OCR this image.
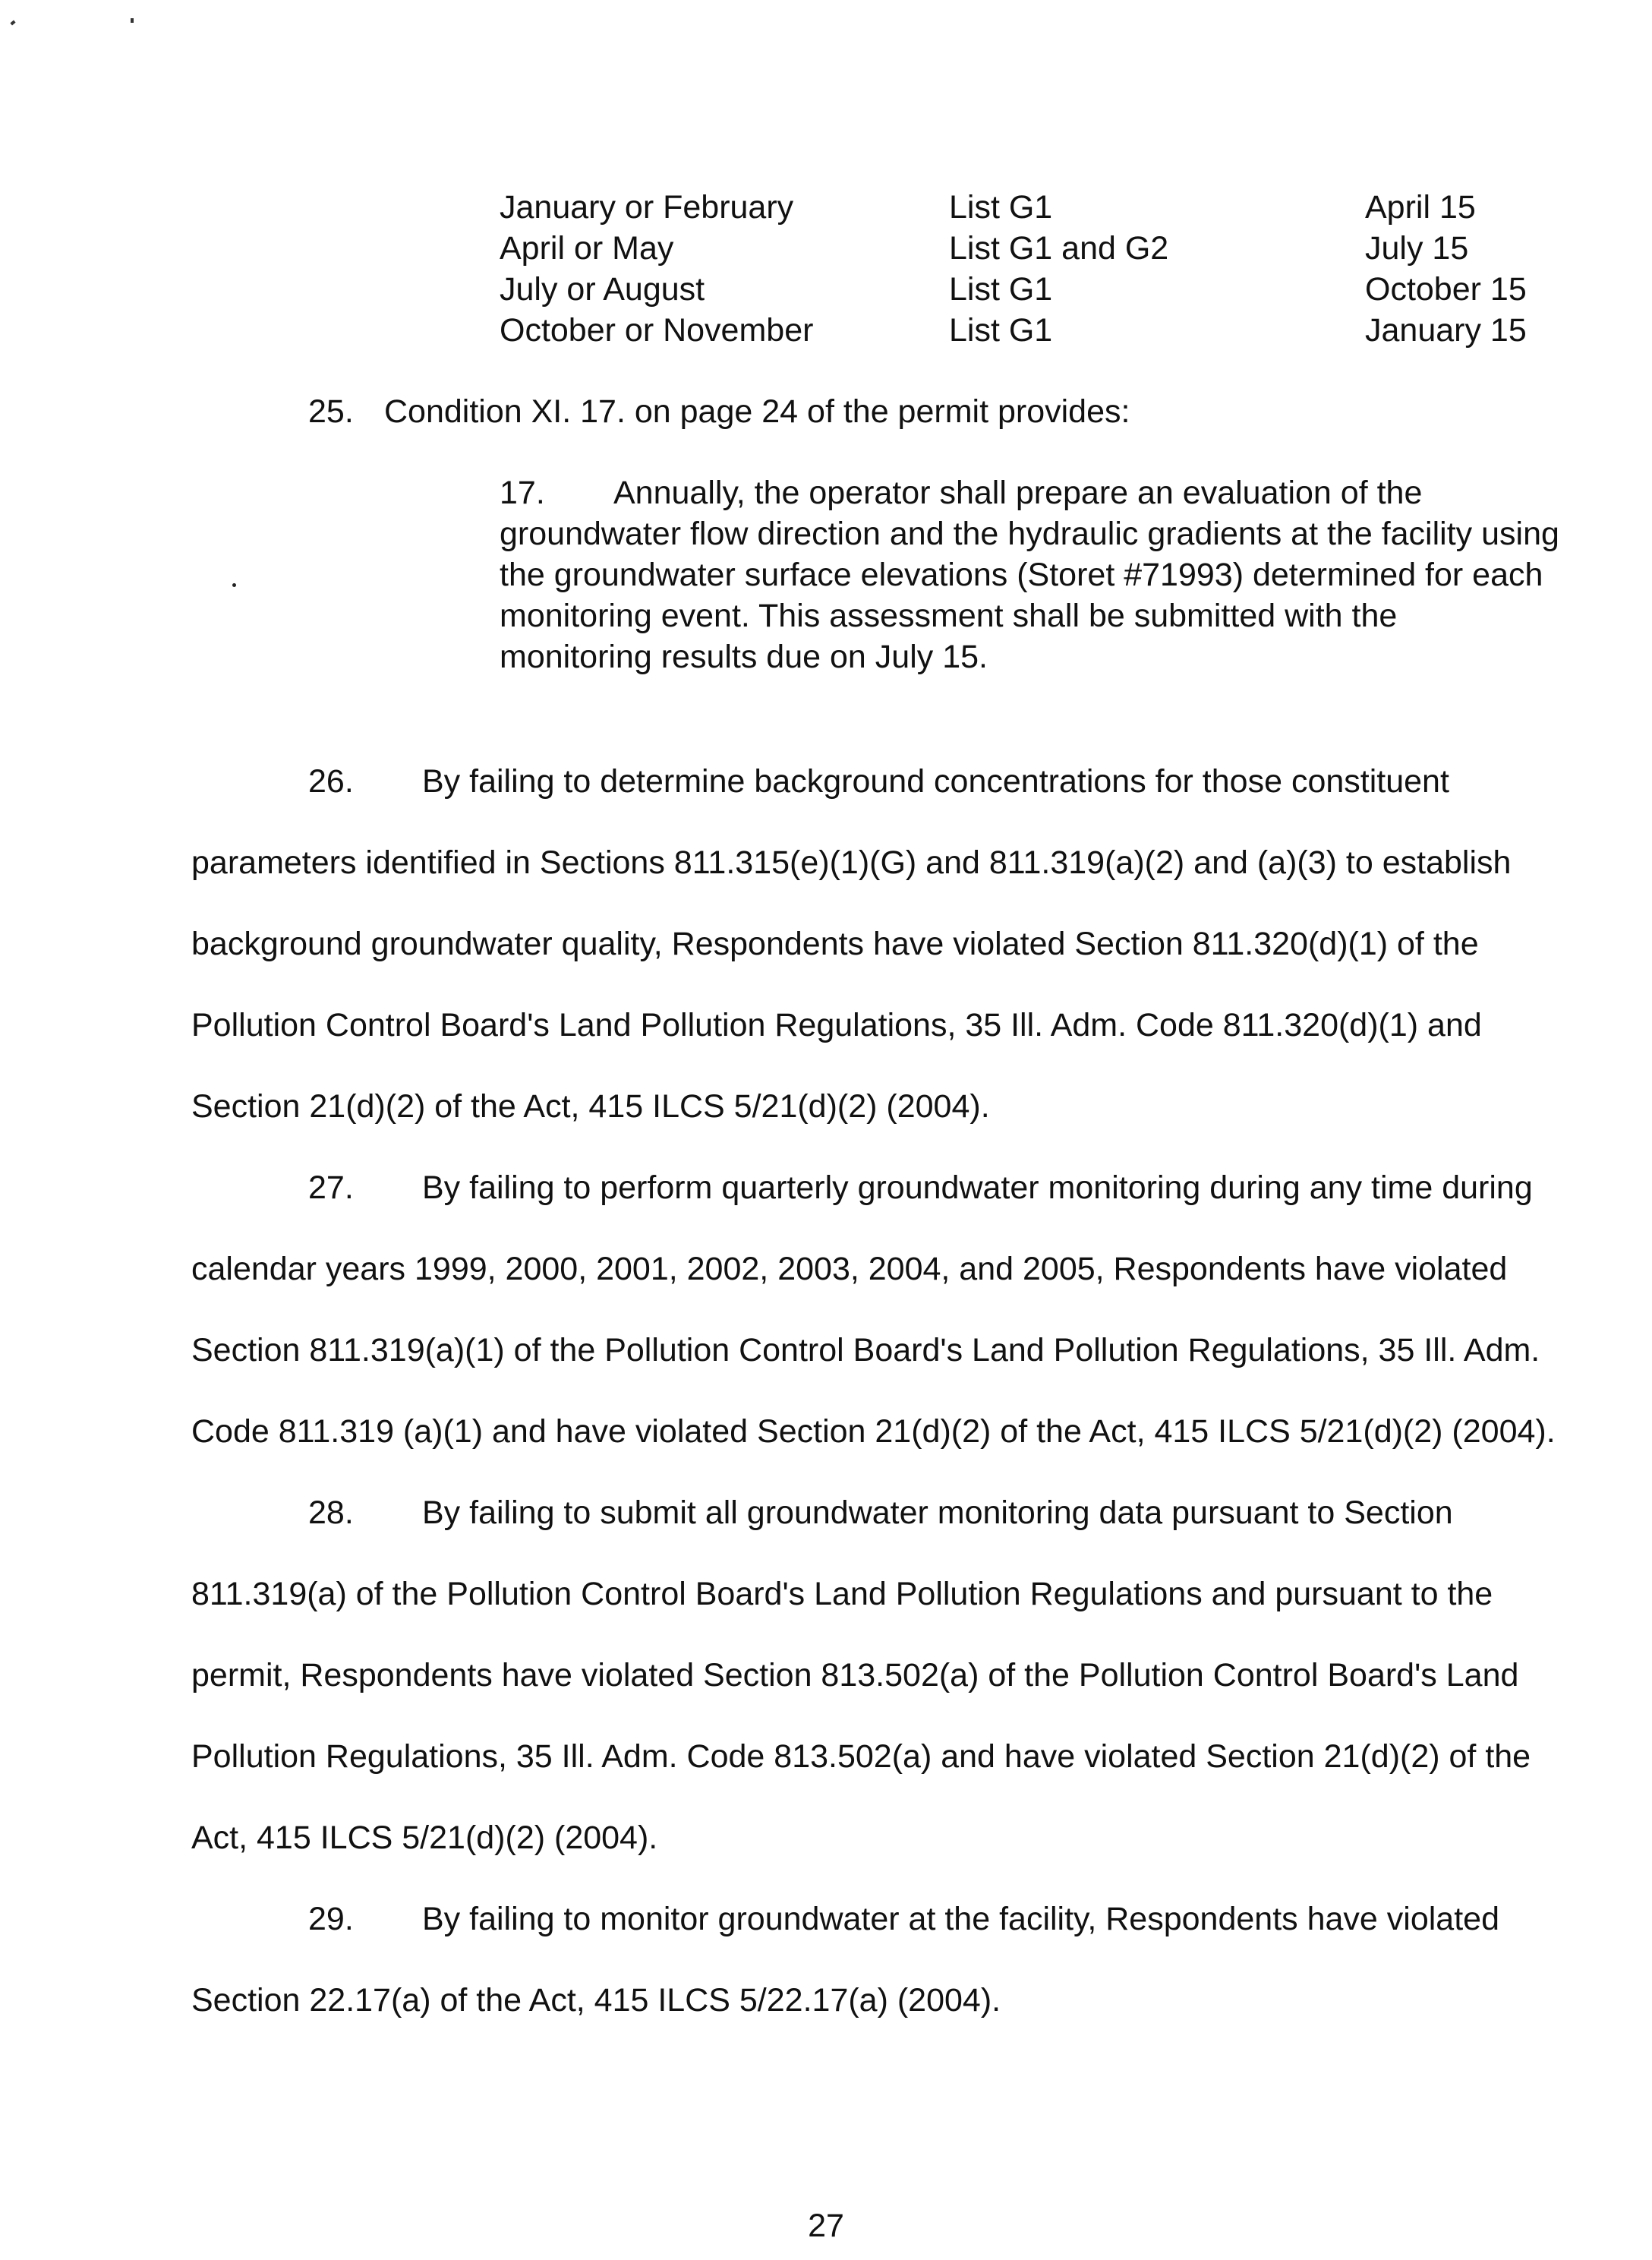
January or February	List G1	April 15
April or May	List G1 and G2	July 15
July or August	List G1	October 15
October or November	List G1	January 15
25. Condition XI. 17. on page 24 of the permit provides:
17. Annually, the operator shall prepare an evaluation of the
groundwater flow direction and the hydraulic gradients at the facility using
the groundwater surface elevations (Storet #71993) determined for each
monitoring event. This assessment shall be submitted with the
monitoring results due on July 15.
26. By failing to determine background concentrations for those constituent
parameters identified in Sections 811.315(e)(1)(G) and 811.319(a)(2) and (a)(3) to establish
background groundwater quality, Respondents have violated Section 811.320(d)(1) of the
Pollution Control Board's Land Pollution Regulations, 35 Ill. Adm. Code 811.320(d)(1) and
Section 21(d)(2) of the Act, 415 ILCS 5/21(d)(2) (2004).
27. By failing to perform quarterly groundwater monitoring during any time during
calendar years 1999, 2000, 2001, 2002, 2003, 2004, and 2005, Respondents have violated
Section 811.319(a)(1) of the Pollution Control Board's Land Pollution Regulations, 35 Ill. Adm.
Code 811.319 (a)(1) and have violated Section 21(d)(2) of the Act, 415 ILCS 5/21(d)(2) (2004).
28. By failing to submit all groundwater monitoring data pursuant to Section
811.319(a) of the Pollution Control Board's Land Pollution Regulations and pursuant to the
permit, Respondents have violated Section 813.502(a) of the Pollution Control Board's Land
Pollution Regulations, 35 Ill. Adm. Code 813.502(a) and have violated Section 21(d)(2) of the
Act, 415 ILCS 5/21(d)(2) (2004).
29. By failing to monitor groundwater at the facility, Respondents have violated
Section 22.17(a) of the Act, 415 ILCS 5/22.17(a) (2004).
27
